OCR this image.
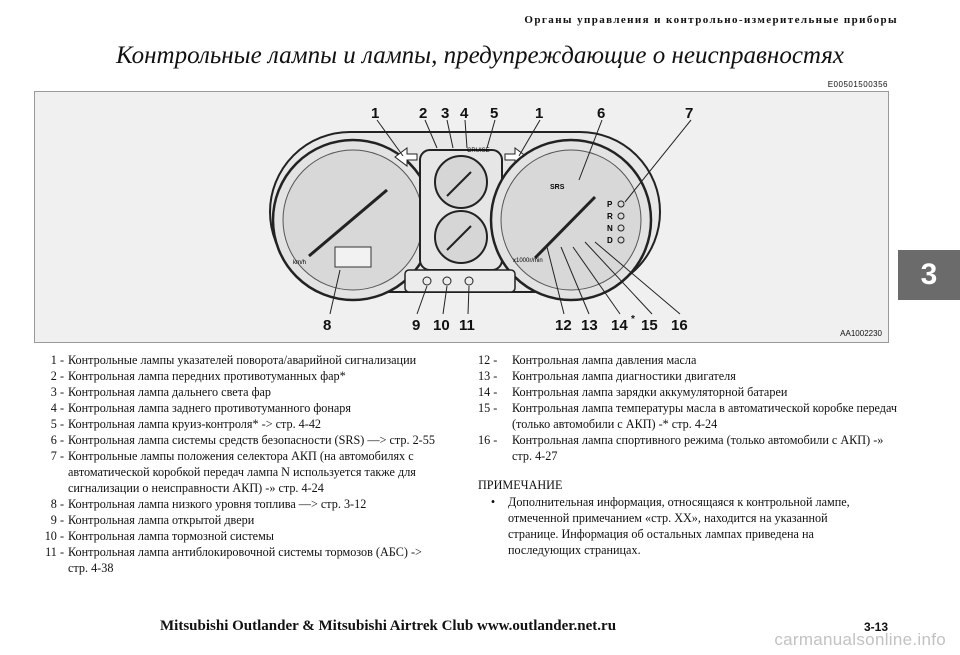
Органы управления и контрольно-измерительные приборы
Контрольные лампы и лампы, предупреждающие о неисправностях
E00501500356
km/h
CRUISE
SRS
x1000r/min
P
R
N
D
1	2 3 4 5 1	6	7
8	9 10 11	12 13 14 * 15 16	AA1002230
3
1 - Контрольные лампы указателей поворота/аварийной сигнализации
2 - Контрольная лампа передних противотуманных фар*
3 - Контрольная лампа дальнего света фар
4 - Контрольная лампа заднего противотуманного фонаря
5 - Контрольная лампа круиз-контроля* -> стр. 4-42
6 - Контрольная лампа системы средств безопасности (SRS) —> стр. 2-55
7 - Контрольные лампы положения селектора АКП (на автомобилях с автоматической коробкой передач лампа N используется также для сигнализации о неисправности АКП) -» стр. 4-24
8 - Контрольная лампа низкого уровня топлива —> стр. 3-12
9 - Контрольная лампа открытой двери
10 - Контрольная лампа тормозной системы
11 - Контрольная лампа антиблокировочной системы тормозов (АБС) -> стр. 4-38
12 -	Контрольная лампа давления масла
13 -	Контрольная лампа диагностики двигателя
14 -	Контрольная лампа зарядки аккумуляторной батареи
15 -	Контрольная лампа температуры масла в автоматической коробке передач (только автомобили с АКП) -* стр. 4-24
16 -	Контрольная лампа спортивного режима (только автомобили с АКП) -» стр. 4-27
ПРИМЕЧАНИЕ
•	Дополнительная информация, относящаяся к контрольной лампе, отмеченной примечанием «стр. ХХ», находится на указанной странице. Информация об остальных лампах приведена на последующих страницах.
Mitsubishi Outlander & Mitsubishi Airtrek Club www.outlander.net.ru	3-13
carmanualsonline.info
